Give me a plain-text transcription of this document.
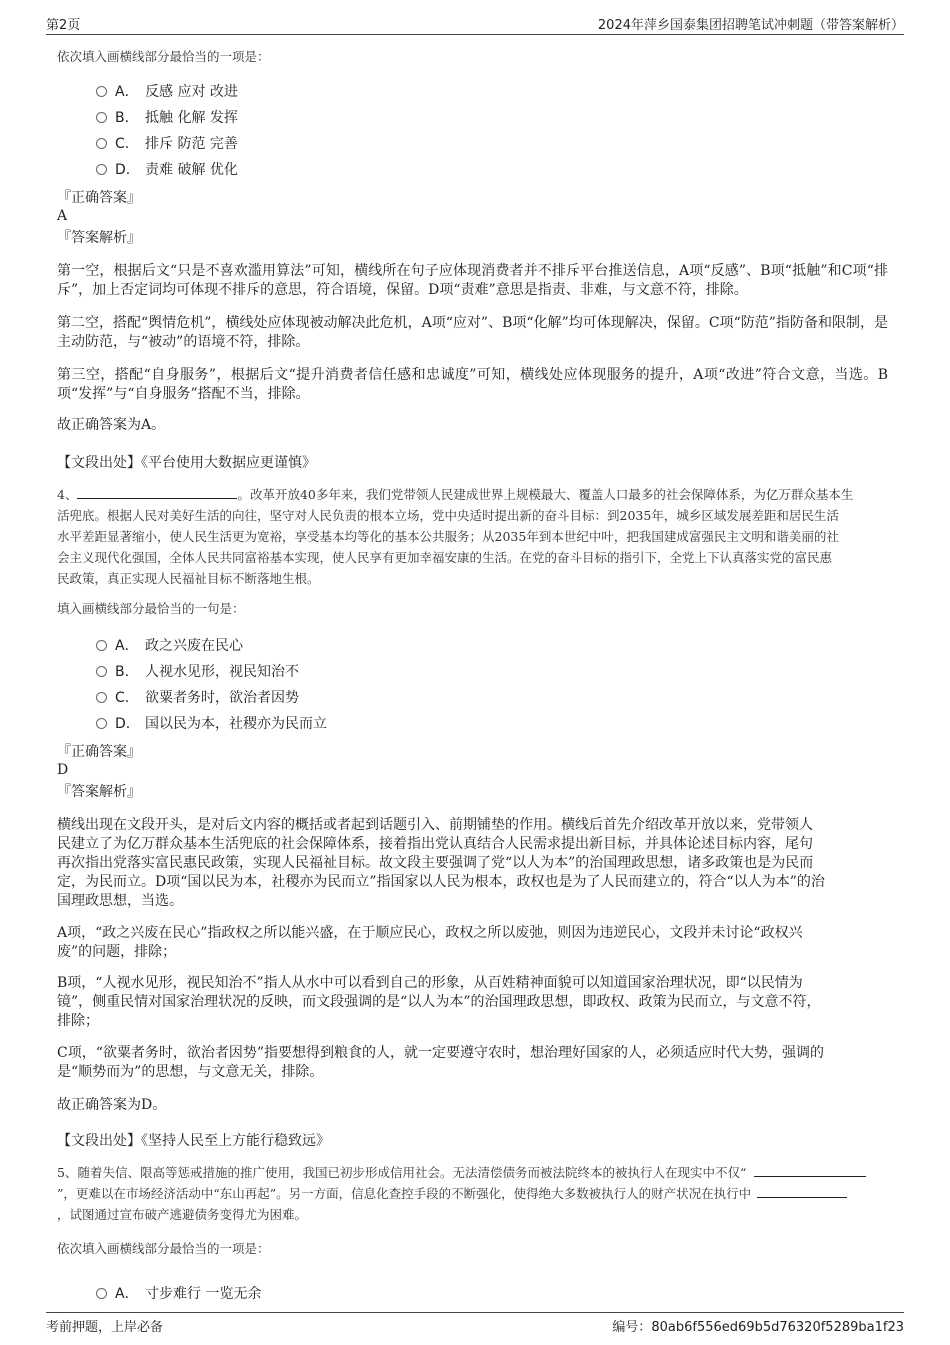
第2页	2024年萍乡国泰集团招聘笔试冲刺题（带答案解析）
依次填入画横线部分最恰当的一项是：
A． 反感 应对 改进
B. 抵触 化解 发挥
C. 排斥 防范 完善
D. 责难 破解 优化
『正确答案』
A
『答案解析』
第一空，根据后文“只是不喜欢滥用算法”可知，横线所在句子应体现消费者并不排斥平台推送信息，A项“反感”、B项“抵触”和C项“排斥”，加上否定词均可体现不排斥的意思，符合语境，保留。D项“责难”意思是指责、非难，与文意不符，排除。
第二空，搭配“舆情危机”，横线处应体现被动解决此危机，A项“应对”、B项“化解”均可体现解决，保留。C项“防范”指防备和限制，是主动防范，与“被动”的语境不符，排除。
第三空，搭配“自身服务”，根据后文“提升消费者信任感和忠诚度”可知，横线处应体现服务的提升，A项“改进”符合文意，当选。B项“发挥”与“自身服务”搭配不当，排除。
故正确答案为A。
【文段出处】《平台使用大数据应更谨慎》
4、	。改革开放40多年来，我们党带领人民建成世界上规模最大、覆盖人口最多的社会保障体系，为亿万群众基本生
活兜底。根据人民对美好生活的向往，坚守对人民负责的根本立场，党中央适时提出新的奋斗目标：到2035年，城乡区域发展差距和居民生活
水平差距显著缩小，使人民生活更为宽裕，享受基本均等化的基本公共服务；从2035年到本世纪中叶，把我国建成富强民主文明和谐美丽的社
会主义现代化强国，全体人民共同富裕基本实现，使人民享有更加幸福安康的生活。在党的奋斗目标的指引下，全党上下认真落实党的富民惠
民政策，真正实现人民福祉目标不断落地生根。
填入画横线部分最恰当的一句是：
A． 政之兴废在民心
B. 人视水见形，视民知治不
C. 欲粟者务时，欲治者因势
D. 国以民为本，社稷亦为民而立
『正确答案』
D
『答案解析』
横线出现在文段开头，是对后文内容的概括或者起到话题引入、前期铺垫的作用。横线后首先介绍改革开放以来，党带领人
民建立了为亿万群众基本生活兜底的社会保障体系，接着指出党认真结合人民需求提出新目标，并具体论述目标内容，尾句
再次指出党落实富民惠民政策，实现人民福祉目标。故文段主要强调了党“以人为本”的治国理政思想，诸多政策也是为民而
定，为民而立。D项“国以民为本，社稷亦为民而立”指国家以人民为根本，政权也是为了人民而建立的，符合“以人为本”的治
国理政思想，当选。
A项，“政之兴废在民心”指政权之所以能兴盛，在于顺应民心，政权之所以废弛，则因为违逆民心，文段并未讨论“政权兴
废”的问题，排除；
B项，“人视水见形，视民知治不”指人从水中可以看到自己的形象，从百姓精神面貌可以知道国家治理状况，即“以民情为
镜”，侧重民情对国家治理状况的反映，而文段强调的是“以人为本”的治国理政思想，即政权、政策为民而立，与文意不符，
排除；
C项，“欲粟者务时，欲治者因势”指要想得到粮食的人，就一定要遵守农时，想治理好国家的人，必须适应时代大势，强调的
是“顺势而为”的思想，与文意无关，排除。
故正确答案为D。
【文段出处】《坚持人民至上方能行稳致远》
5、随着失信、限高等惩戒措施的推广使用，我国已初步形成信用社会。无法清偿债务而被法院终本的被执行人在现实中不仅“
”，更难以在市场经济活动中“东山再起”。另一方面，信息化查控手段的不断强化，使得绝大多数被执行人的财产状况在执行中
，试图通过宣布破产逃避债务变得尤为困难。
依次填入画横线部分最恰当的一项是：
A． 寸步难行 一览无余
考前押题，上岸必备	编号：80ab6f556ed69b5d76320f5289ba1f23
